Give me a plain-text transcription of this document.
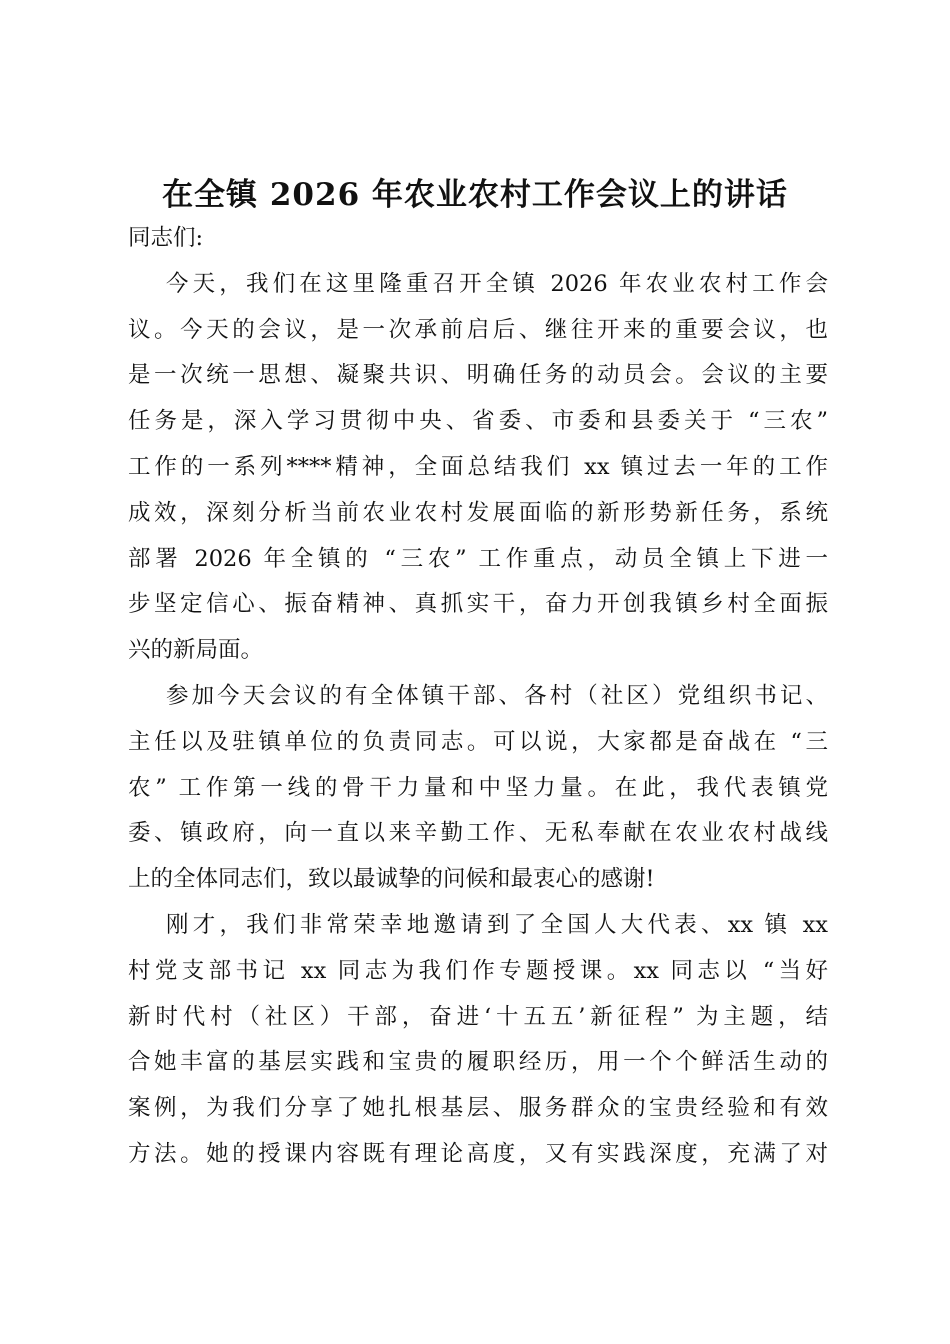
在全镇 2026 年农业农村工作会议上的讲话
同志们:
今天，我们在这里隆重召开全镇 2026 年农业农村工作会
议。今天的会议，是一次承前启后、继往开来的重要会议，也
是一次统一思想、凝聚共识、明确任务的动员会。会议的主要
任务是，深入学习贯彻中央、省委、市委和县委关于 “三农”
工作的一系列****精神，全面总结我们 xx 镇过去一年的工作
成效，深刻分析当前农业农村发展面临的新形势新任务，系统
部署 2026 年全镇的 “三农” 工作重点，动员全镇上下进一
步坚定信心、振奋精神、真抓实干，奋力开创我镇乡村全面振
兴的新局面。
参加今天会议的有全体镇干部、各村（社区）党组织书记、
主任以及驻镇单位的负责同志。可以说，大家都是奋战在 “三
农” 工作第一线的骨干力量和中坚力量。在此，我代表镇党
委、镇政府，向一直以来辛勤工作、无私奉献在农业农村战线
上的全体同志们，致以最诚挚的问候和最衷心的感谢!
刚才，我们非常荣幸地邀请到了全国人大代表、xx 镇 xx
村党支部书记 xx 同志为我们作专题授课。xx 同志以 “当好
新时代村（社区）干部，奋进‘十五五’新征程” 为主题，结
合她丰富的基层实践和宝贵的履职经历，用一个个鲜活生动的
案例，为我们分享了她扎根基层、服务群众的宝贵经验和有效
方法。她的授课内容既有理论高度，又有实践深度，充满了对
